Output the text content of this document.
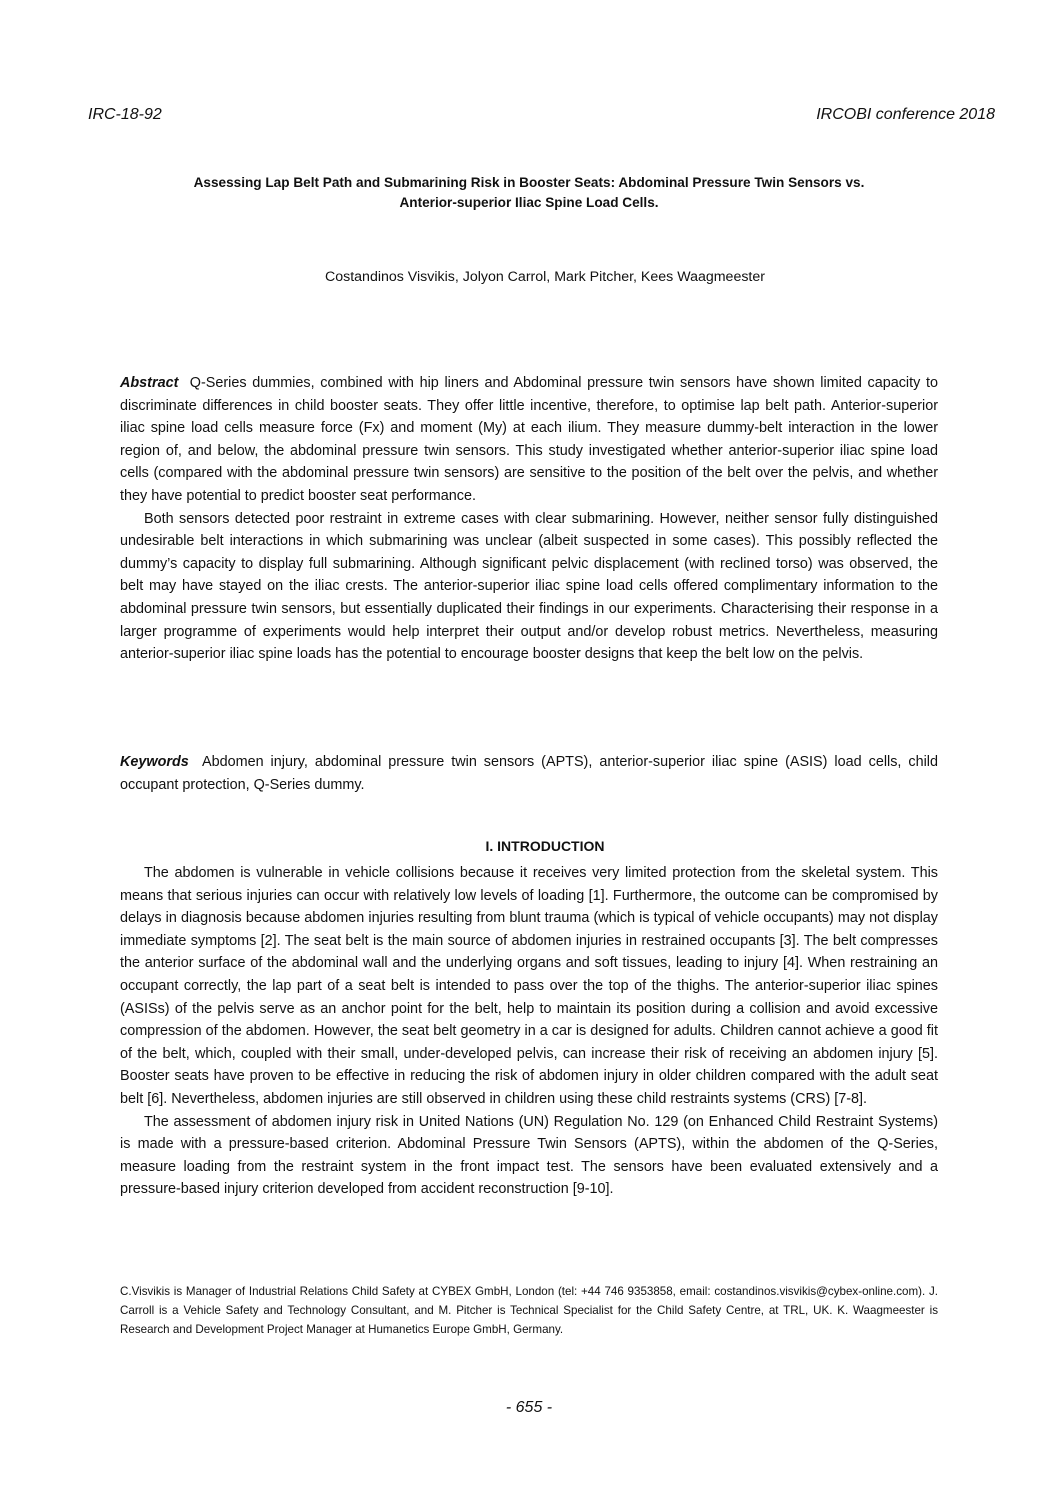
IRC-18-92	IRCOBI conference 2018
Assessing Lap Belt Path and Submarining Risk in Booster Seats: Abdominal Pressure Twin Sensors vs.
Anterior-superior Iliac Spine Load Cells.
Costandinos Visvikis, Jolyon Carrol, Mark Pitcher, Kees Waagmeester

Abstract Q-Series dummies, combined with hip liners and Abdominal pressure twin sensors have shown limited capacity to discriminate differences in child booster seats. They offer little incentive, therefore, to optimise lap belt path. Anterior-superior iliac spine load cells measure force (Fx) and moment (My) at each ilium. They measure dummy-belt interaction in the lower region of, and below, the abdominal pressure twin sensors. This study investigated whether anterior-superior iliac spine load cells (compared with the abdominal pressure twin sensors) are sensitive to the position of the belt over the pelvis, and whether they have potential to predict booster seat performance.

Both sensors detected poor restraint in extreme cases with clear submarining. However, neither sensor fully distinguished undesirable belt interactions in which submarining was unclear (albeit suspected in some cases). This possibly reflected the dummy’s capacity to display full submarining. Although significant pelvic displacement (with reclined torso) was observed, the belt may have stayed on the iliac crests. The anterior-superior iliac spine load cells offered complimentary information to the abdominal pressure twin sensors, but essentially duplicated their findings in our experiments. Characterising their response in a larger programme of experiments would help interpret their output and/or develop robust metrics. Nevertheless, measuring anterior-superior iliac spine loads has the potential to encourage booster designs that keep the belt low on the pelvis.

Keywords Abdomen injury, abdominal pressure twin sensors (APTS), anterior-superior iliac spine (ASIS) load cells, child occupant protection, Q-Series dummy.

I. INTRODUCTION

The abdomen is vulnerable in vehicle collisions because it receives very limited protection from the skeletal system. This means that serious injuries can occur with relatively low levels of loading [1]. Furthermore, the outcome can be compromised by delays in diagnosis because abdomen injuries resulting from blunt trauma (which is typical of vehicle occupants) may not display immediate symptoms [2]. The seat belt is the main source of abdomen injuries in restrained occupants [3]. The belt compresses the anterior surface of the abdominal wall and the underlying organs and soft tissues, leading to injury [4]. When restraining an occupant correctly, the lap part of a seat belt is intended to pass over the top of the thighs. The anterior-superior iliac spines (ASISs) of the pelvis serve as an anchor point for the belt, help to maintain its position during a collision and avoid excessive compression of the abdomen. However, the seat belt geometry in a car is designed for adults. Children cannot achieve a good fit of the belt, which, coupled with their small, under-developed pelvis, can increase their risk of receiving an abdomen injury [5]. Booster seats have proven to be effective in reducing the risk of abdomen injury in older children compared with the adult seat belt [6]. Nevertheless, abdomen injuries are still observed in children using these child restraints systems (CRS) [7-8].

The assessment of abdomen injury risk in United Nations (UN) Regulation No. 129 (on Enhanced Child Restraint Systems) is made with a pressure-based criterion. Abdominal Pressure Twin Sensors (APTS), within the abdomen of the Q-Series, measure loading from the restraint system in the front impact test. The sensors have been evaluated extensively and a pressure-based injury criterion developed from accident reconstruction [9-10].

C.Visvikis is Manager of Industrial Relations Child Safety at CYBEX GmbH, London (tel: +44 746 9353858, email: costandinos.visvikis@cybex-online.com). J. Carroll is a Vehicle Safety and Technology Consultant, and M. Pitcher is Technical Specialist for the Child Safety Centre, at TRL, UK. K. Waagmeester is Research and Development Project Manager at Humanetics Europe GmbH, Germany.
- 655 -
